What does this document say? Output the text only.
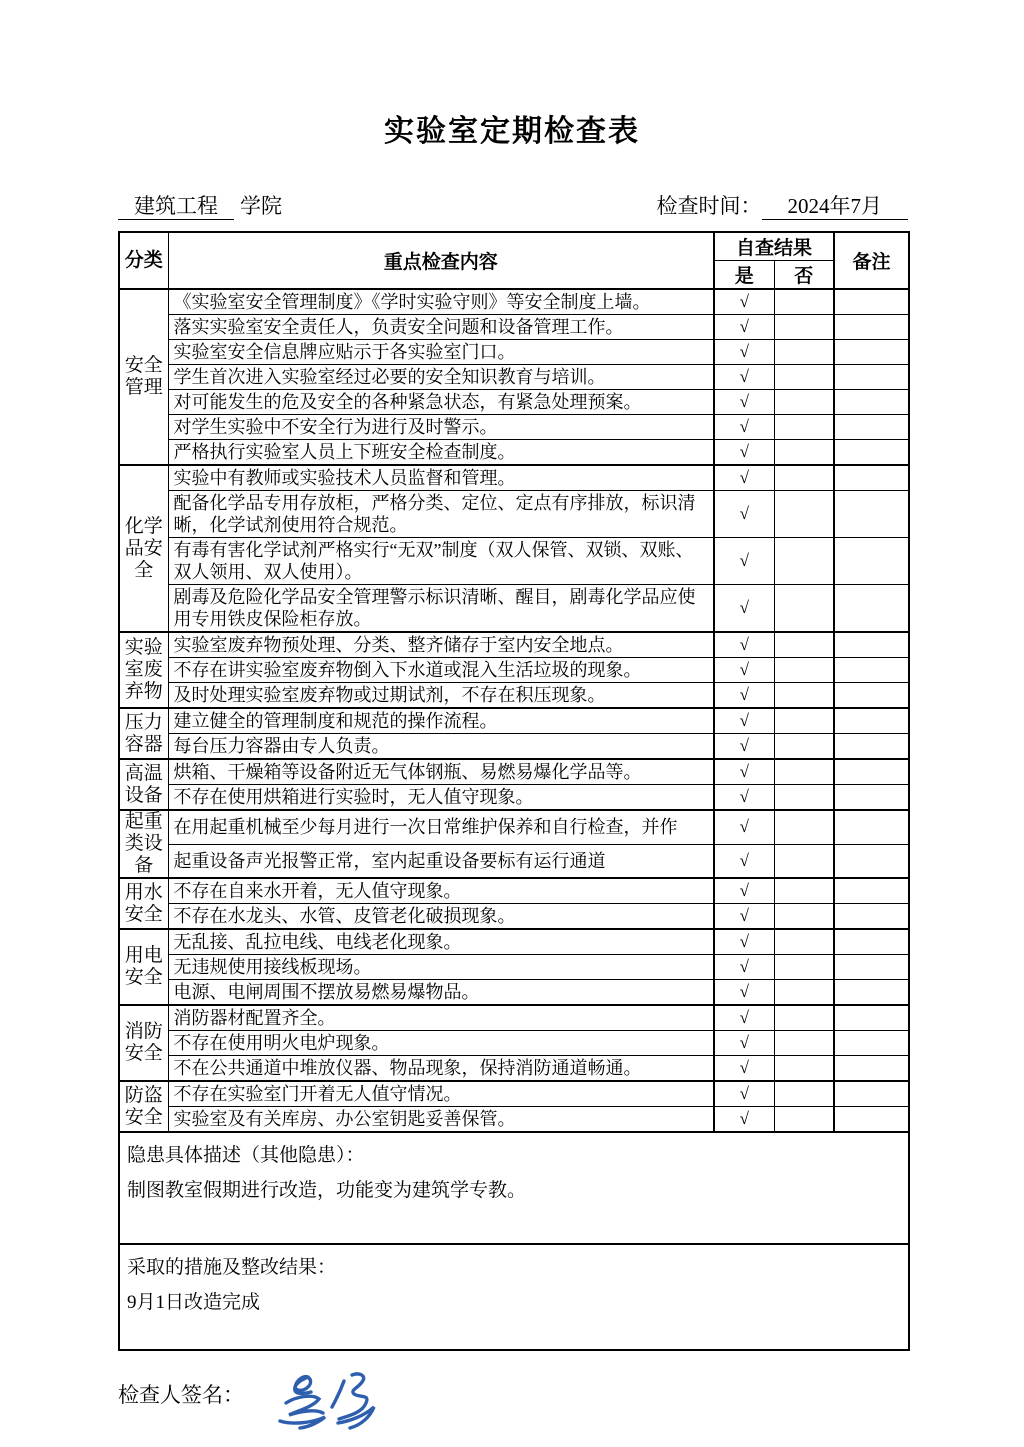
实验室定期检查表
建筑工程 学院	检查时间： 2024年7月
分类	重点检查内容	自查结果		备注
		是	否	
安全管理	《实验室安全管理制度》《学时实验守则》等安全制度上墙。	√		
	落实实验室安全责任人，负责安全问题和设备管理工作。	√		
	实验室安全信息牌应贴示于各实验室门口。	√		
	学生首次进入实验室经过必要的安全知识教育与培训。	√		
	对可能发生的危及安全的各种紧急状态，有紧急处理预案。	√		
	对学生实验中不安全行为进行及时警示。	√		
	严格执行实验室人员上下班安全检查制度。	√		
化学品安全	实验中有教师或实验技术人员监督和管理。	√		
	配备化学品专用存放柜，严格分类、定位、定点有序排放，标识清晰，化学试剂使用符合规范。	√		
	有毒有害化学试剂严格实行“无双”制度（双人保管、双锁、双账、双人领用、双人使用）。	√		
	剧毒及危险化学品安全管理警示标识清晰、醒目，剧毒化学品应使用专用铁皮保险柜存放。	√		
实验室废弃物	实验室废弃物预处理、分类、整齐储存于室内安全地点。	√		
	不存在讲实验室废弃物倒入下水道或混入生活垃圾的现象。	√		
	及时处理实验室废弃物或过期试剂，不存在积压现象。	√		
压力容器	建立健全的管理制度和规范的操作流程。	√		
	每台压力容器由专人负责。	√		
高温设备	烘箱、干燥箱等设备附近无气体钢瓶、易燃易爆化学品等。	√		
	不存在使用烘箱进行实验时，无人值守现象。	√		
起重类设备	在用起重机械至少每月进行一次日常维护保养和自行检查，并作	√		
	起重设备声光报警正常，室内起重设备要标有运行通道	√		
用水安全	不存在自来水开着，无人值守现象。	√		
	不存在水龙头、水管、皮管老化破损现象。	√		
用电安全	无乱接、乱拉电线、电线老化现象。	√		
	无违规使用接线板现场。	√		
	电源、电闸周围不摆放易燃易爆物品。	√		
消防安全	消防器材配置齐全。	√		
	不存在使用明火电炉现象。	√		
	不在公共通道中堆放仪器、物品现象，保持消防通道畅通。	√		
防盗安全	不存在实验室门开着无人值守情况。	√		
	实验室及有关库房、办公室钥匙妥善保管。	√		

隐患具体描述（其他隐患）：
制图教室假期进行改造，功能变为建筑学专教。				

采取的措施及整改结果：
9月1日改造完成				
检查人签名：
